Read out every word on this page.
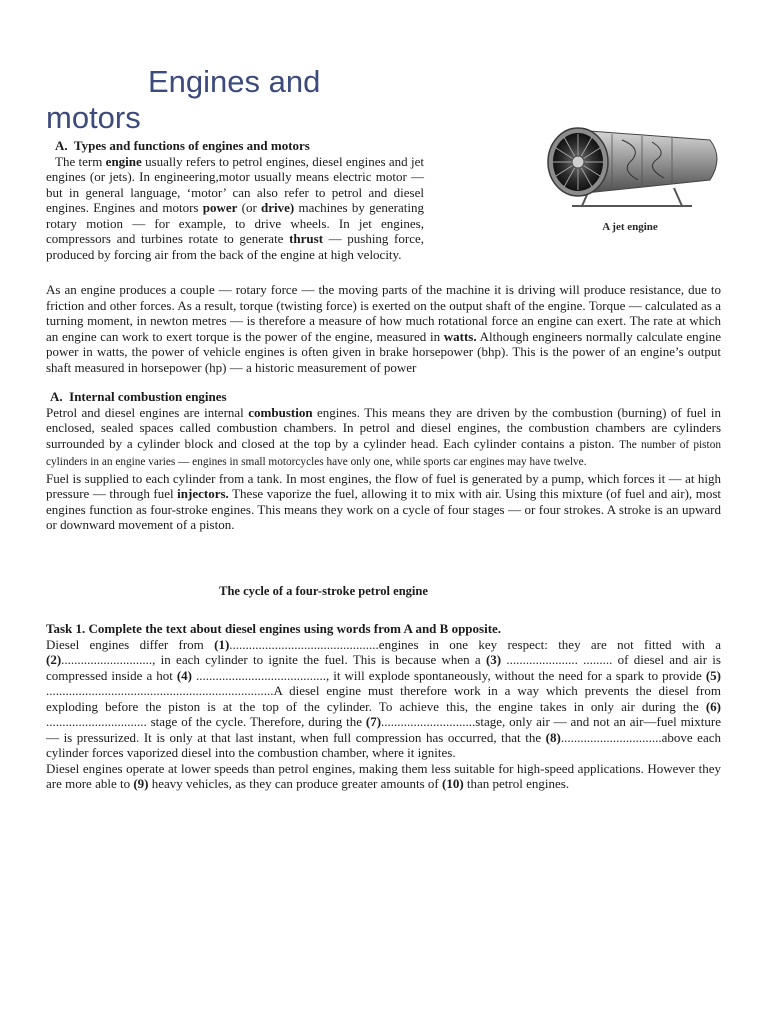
Engines and
motors

A.  Types and functions of engines and motors

The term engine usually refers to petrol engines, diesel engines and jet engines (or jets). In engineering,motor usually means electric motor — but in general language, ‘motor’ can also refer to petrol and diesel engines. Engines and motors power (or drive) machines by generating rotary motion — for example, to drive wheels. In jet engines, compressors and turbines rotate to generate thrust — pushing force, produced by forcing air from the back of the engine at high velocity.

A jet engine

As an engine produces a couple — rotary force — the moving parts of the machine it is driving will produce resistance, due to friction and other forces. As a result, torque (twisting force) is exerted on the output shaft of the engine. Torque — calculated as a turning moment, in newton metres — is therefore a measure of how much rotational force an engine can exert. The rate at which an engine can work to exert torque is the power of the engine, measured in watts. Although engineers normally calculate engine power in watts, the power of vehicle engines is often given in brake horsepower (bhp). This is the power of an engine’s output shaft measured in horsepower (hp) — a historic measurement of power

A.  Internal combustion engines

Petrol and diesel engines are internal combustion engines. This means they are driven by the combustion (burning) of fuel in enclosed, sealed spaces called combustion chambers. In petrol and diesel engines, the combustion chambers are cylinders surrounded by a cylinder block and closed at the top by a cylinder head. Each cylinder contains a piston. The number of piston cylinders in an engine varies — engines in small motorcycles have only one, while sports car engines may have twelve.

Fuel is supplied to each cylinder from a tank. In most engines, the flow of fuel is generated by a pump, which forces it — at high pressure — through fuel injectors. These vaporize the fuel, allowing it to mix with air. Using this mixture (of fuel and air), most engines function as four-stroke engines. This means they work on a cycle of four stages — or four strokes. A stroke is an upward or downward movement of a piston.

The cycle of a four-stroke petrol engine

Task 1. Complete the text about diesel engines using words from A and B opposite.

Diesel engines differ from (1)..............................................engines in one key respect: they are not fitted with a (2)............................, in each cylinder to ignite the fuel. This is because when a (3) ...................... ......... of diesel and air is compressed inside a hot (4) ........................................, it will explode spontaneously, without the need for a spark to provide (5) ......................................................................A diesel engine must therefore work in a way which prevents the diesel from exploding before the piston is at the top of the cylinder. To achieve this, the engine takes in only air during the (6) ............................... stage of the cycle. Therefore, during the (7).............................stage, only air — and not an air—fuel mixture — is pressurized. It is only at that last instant, when full compression has occurred, that the (8)...............................above each cylinder forces vaporized diesel into the combustion chamber, where it ignites.

Diesel engines operate at lower speeds than petrol engines, making them less suitable for high-speed applications. However they are more able to (9) heavy vehicles, as they can produce greater amounts of (10) than petrol engines.
